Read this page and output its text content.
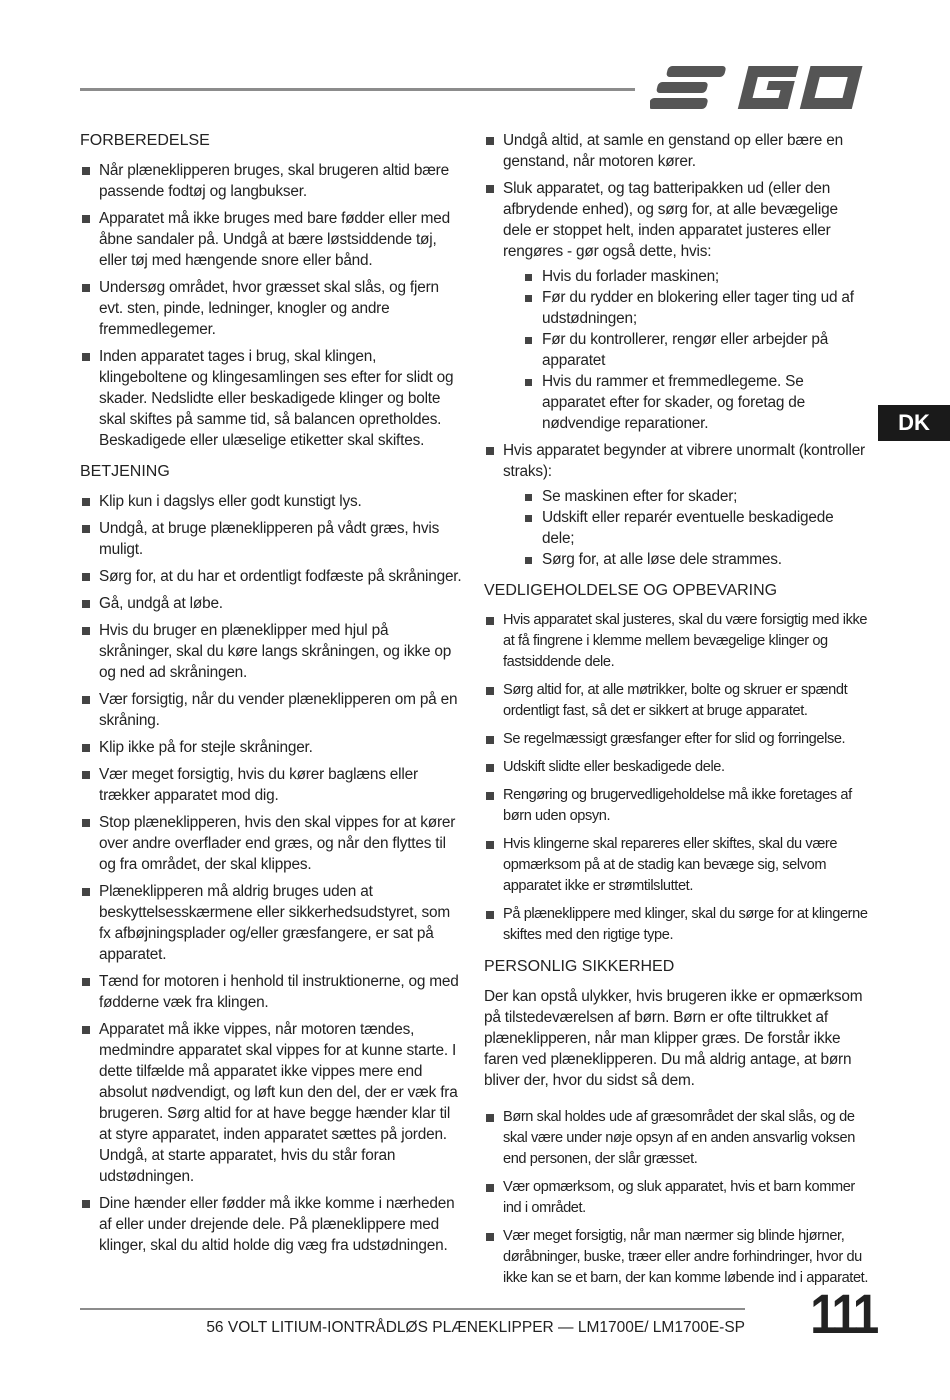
DK
FORBEREDELSE
Når plæneklipperen bruges, skal brugeren altid bære passende fodtøj og langbukser.
Apparatet må ikke bruges med bare fødder eller med åbne sandaler på. Undgå at bære løstsiddende tøj, eller tøj med hængende snore eller bånd.
Undersøg området, hvor græsset skal slås, og fjern evt. sten, pinde, ledninger, knogler og andre fremmedlegemer.
Inden apparatet tages i brug, skal klingen, klingeboltene og klingesamlingen ses efter for slidt og skader. Nedslidte eller beskadigede klinger og bolte skal skiftes på samme tid, så balancen opretholdes. Beskadigede eller ulæselige etiketter skal skiftes.
BETJENING
Klip kun i dagslys eller godt kunstigt lys.
Undgå, at bruge plæneklipperen på vådt græs, hvis muligt.
Sørg for, at du har et ordentligt fodfæste på skråninger.
Gå, undgå at løbe.
Hvis du bruger en plæneklipper med hjul på skråninger, skal du køre langs skråningen, og ikke op og ned ad skråningen.
Vær forsigtig, når du vender plæneklipperen om på en skråning.
Klip ikke på for stejle skråninger.
Vær meget forsigtig, hvis du kører baglæns eller trækker apparatet mod dig.
Stop plæneklipperen, hvis den skal vippes for at kører over andre overflader end græs, og når den flyttes til og fra området, der skal klippes.
Plæneklipperen må aldrig bruges uden at beskyttelsesskærmene eller sikkerhedsudstyret, som fx afbøjningsplader og/eller græsfangere, er sat på apparatet.
Tænd for motoren i henhold til instruktionerne, og med fødderne væk fra klingen.
Apparatet må ikke vippes, når motoren tændes, medmindre apparatet skal vippes for at kunne starte. I dette tilfælde må apparatet ikke vippes mere end absolut nødvendigt, og løft kun den del, der er væk fra brugeren. Sørg altid for at have begge hænder klar til at styre apparatet, inden apparatet sættes på jorden. Undgå, at starte apparatet, hvis du står foran udstødningen.
Dine hænder eller fødder må ikke komme i nærheden af eller under drejende dele. På plæneklippere med klinger, skal du altid holde dig væg fra udstødningen.
Undgå altid, at samle en genstand op eller bære en genstand, når motoren kører.
Sluk apparatet, og tag batteripakken ud (eller den afbrydende enhed), og sørg for, at alle bevægelige dele er stoppet helt, inden apparatet justeres eller rengøres - gør også dette, hvis:
Hvis du forlader maskinen;
Før du rydder en blokering eller tager ting ud af udstødningen;
Før du kontrollerer, rengør eller arbejder på apparatet
Hvis du rammer et fremmedlegeme. Se apparatet efter for skader, og foretag de nødvendige reparationer.
Hvis apparatet begynder at vibrere unormalt (kontroller straks):
Se maskinen efter for skader;
Udskift eller reparér eventuelle beskadigede dele;
Sørg for, at alle løse dele strammes.
VEDLIGEHOLDELSE OG OPBEVARING
Hvis apparatet skal justeres, skal du være forsigtig med ikke at få fingrene i klemme mellem bevægelige klinger og fastsiddende dele.
Sørg altid for, at alle møtrikker, bolte og skruer er spændt ordentligt fast, så det er sikkert at bruge apparatet.
Se regelmæssigt græsfanger efter for slid og forringelse.
Udskift slidte eller beskadigede dele.
Rengøring og brugervedligeholdelse må ikke foretages af børn uden opsyn.
Hvis klingerne skal repareres eller skiftes, skal du være opmærksom på at de stadig kan bevæge sig, selvom apparatet ikke er strømtilsluttet.
På plæneklippere med klinger, skal du sørge for at klingerne skiftes med den rigtige type.
PERSONLIG SIKKERHED

Der kan opstå ulykker, hvis brugeren ikke er opmærksom på tilstedeværelsen af børn. Børn er ofte tiltrukket af plæneklipperen, når man klipper græs. De forstår ikke faren ved plæneklipperen. Du må aldrig antage, at børn bliver der, hvor du sidst så dem.

Børn skal holdes ude af græsområdet der skal slås, og de skal være under nøje opsyn af en anden ansvarlig voksen end personen, der slår græsset.
Vær opmærksom, og sluk apparatet, hvis et barn kommer ind i området.
Vær meget forsigtig, når man nærmer sig blinde hjørner, døråbninger, buske, træer eller andre forhindringer, hvor du ikke kan se et barn, der kan komme løbende ind i apparatet.
56 VOLT LITIUM-IONTRÅDLØS PLÆNEKLIPPER — LM1700E/ LM1700E-SP 111
